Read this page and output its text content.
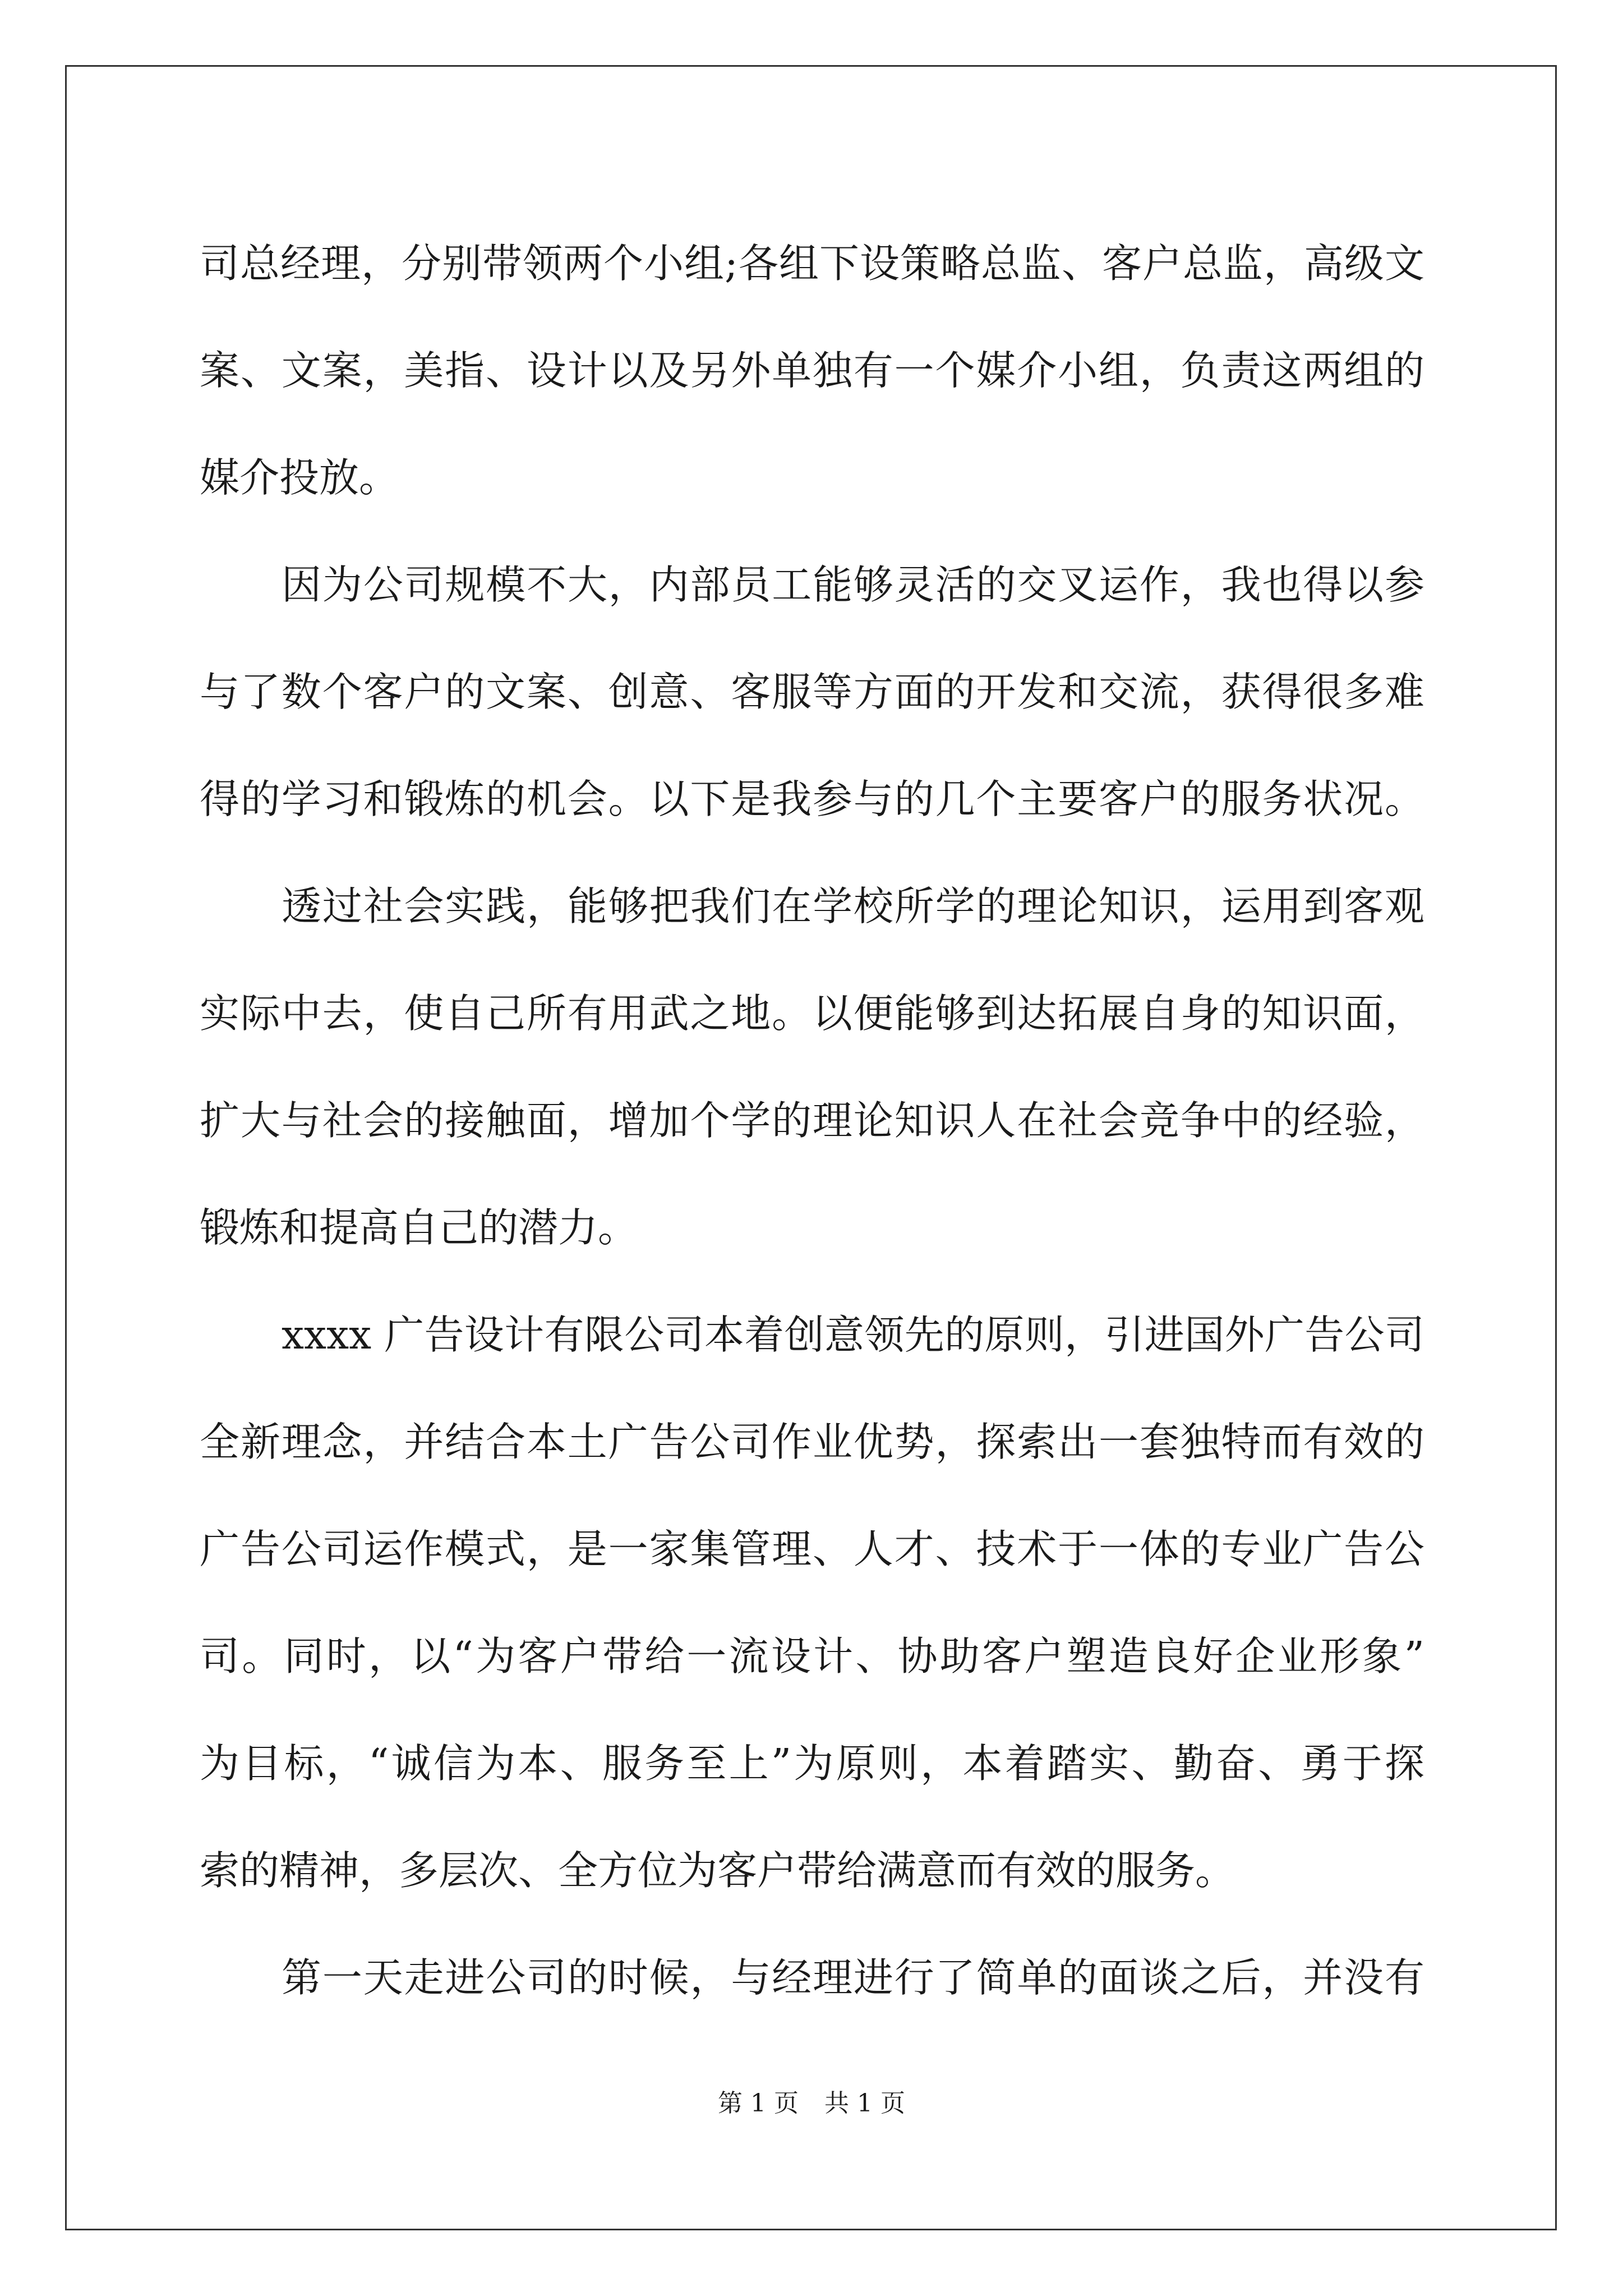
司总经理，分别带领两个小组;各组下设策略总监、客户总监，高级文
案、文案，美指、设计以及另外单独有一个媒介小组，负责这两组的
媒介投放。
因为公司规模不大，内部员工能够灵活的交叉运作，我也得以参
与了数个客户的文案、创意、客服等方面的开发和交流，获得很多难
得的学习和锻炼的机会。以下是我参与的几个主要客户的服务状况。
透过社会实践，能够把我们在学校所学的理论知识，运用到客观
实际中去，使自己所有用武之地。以便能够到达拓展自身的知识面，
扩大与社会的接触面，增加个学的理论知识人在社会竞争中的经验，
锻炼和提高自己的潜力。
xxxx 广告设计有限公司本着创意领先的原则，引进国外广告公司
全新理念，并结合本土广告公司作业优势，探索出一套独特而有效的
广告公司运作模式，是一家集管理、人才、技术于一体的专业广告公
司。同时，以“为客户带给一流设计、协助客户塑造良好企业形象”
为目标，“诚信为本、服务至上”为原则，本着踏实、勤奋、勇于探
索的精神，多层次、全方位为客户带给满意而有效的服务。
第一天走进公司的时候，与经理进行了简单的面谈之后，并没有
第 1 页 共 1 页
